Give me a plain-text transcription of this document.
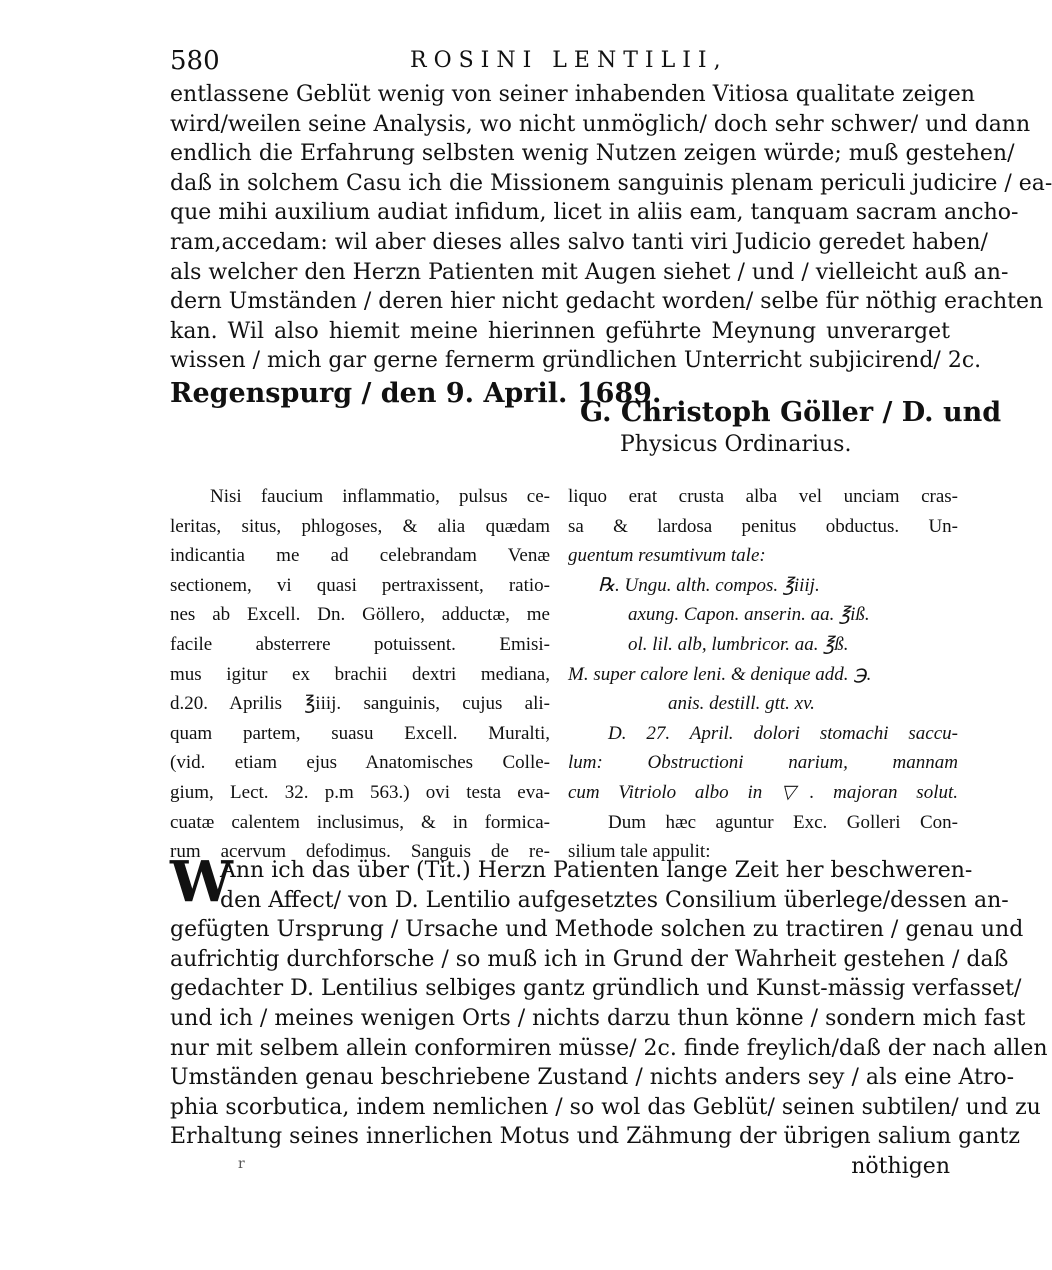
580	ROSINI LENTILII,
entlassene Geblüt wenig von seiner inhabenden Vitiosa qualitate zeigen
wird/weilen seine Analysis, wo nicht unmöglich/ doch sehr schwer/ und dann
endlich die Erfahrung selbsten wenig Nutzen zeigen würde; muß gestehen/
daß in solchem Casu ich die Missionem sanguinis plenam periculi judicire / ea-
que mihi auxilium audiat infidum, licet in aliis eam, tanquam sacram ancho-
ram,accedam: wil aber dieses alles salvo tanti viri Judicio geredet haben/
als welcher den Herzn Patienten mit Augen siehet / und / vielleicht auß an-
dern Umständen / deren hier nicht gedacht worden/ selbe für nöthig erachten
kan. Wil also hiemit meine hierinnen geführte Meynung unverarget
wissen / mich gar gerne fernerm gründlichen Unterricht subjicirend/ 2c.
Regenspurg / den 9. April. 1689.
G. Christoph Göller / D. und
Physicus Ordinarius.
Nisi faucium inflammatio, pulsus ce-
leritas, situs, phlogoses, & alia quædam
indicantia me ad celebrandam Venæ
sectionem, vi quasi pertraxissent, ratio-
nes ab Excell. Dn. Göllero, adductæ, me
facile absterrere potuissent. Emisi-
mus igitur ex brachii dextri mediana,
d.20. Aprilis ℥iiij. sanguinis, cujus ali-
quam partem, suasu Excell. Muralti,
(vid. etiam ejus Anatomisches Colle-
gium, Lect. 32. p.m 563.) ovi testa eva-
cuatæ calentem inclusimus, & in formica-
rum acervum defodimus. Sanguis de re-
liquo erat crusta alba vel unciam cras-
sa & lardosa penitus obductus. Un-
guentum resumtivum tale:
℞. Ungu. alth. compos. ℥iiij.
axung. Capon. anserin. aa. ℥iß.
ol. lil. alb, lumbricor. aa. ℥ß.
M. super calore leni. & denique add. ℈.
anis. destill. gtt. xv.
D. 27. April. dolori stomachi saccu-
lum: Obstructioni narium, mannam
cum Vitriolo albo in ▽. majoran solut.
Dum hæc aguntur Exc. Golleri Con-
silium tale appulit:
W
Ann ich das über (Tit.) Herzn Patienten lange Zeit her beschweren-
den Affect/ von D. Lentilio aufgesetztes Consilium überlege/dessen an-
gefügten Ursprung / Ursache und Methode solchen zu tractiren / genau und
aufrichtig durchforsche / so muß ich in Grund der Wahrheit gestehen / daß
gedachter D. Lentilius selbiges gantz gründlich und Kunst-mässig verfasset/
und ich / meines wenigen Orts / nichts darzu thun könne / sondern mich fast
nur mit selbem allein conformiren müsse/ 2c. finde freylich/daß der nach allen
Umständen genau beschriebene Zustand / nichts anders sey / als eine Atro-
phia scorbutica, indem nemlichen / so wol das Geblüt/ seinen subtilen/ und zu
Erhaltung seines innerlichen Motus und Zähmung der übrigen salium gantz
nöthigen
r
